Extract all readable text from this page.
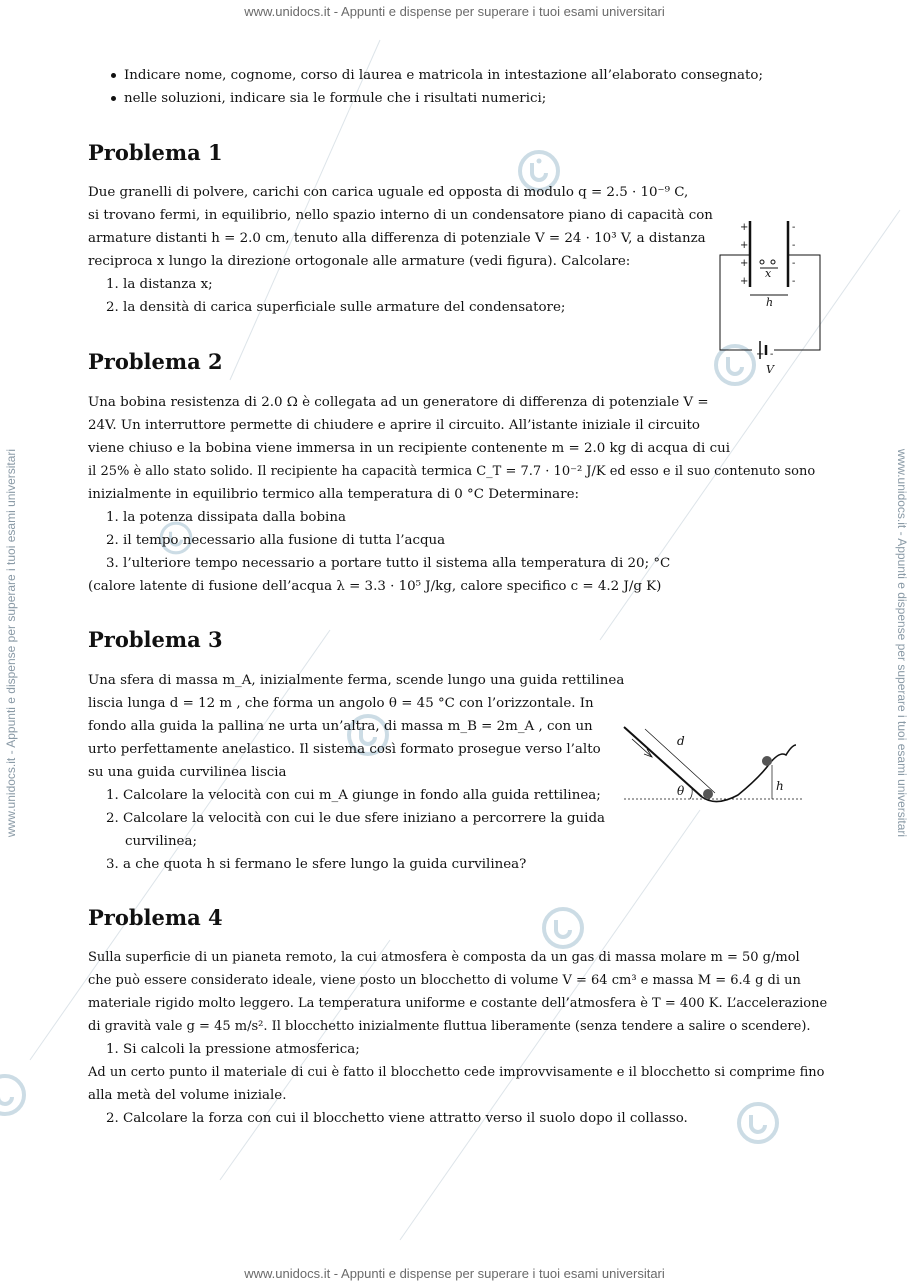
www.unidocs.it - Appunti e dispense per superare i tuoi esami universitari
www.unidocs.it - Appunti e dispense per superare i tuoi esami universitari
www.unidocs.it - Appunti e dispense per superare i tuoi esami universitari	www.unidocs.it - Appunti e dispense per superare i tuoi esami universitari
Indicare nome, cognome, corso di laurea e matricola in intestazione all’elaborato consegnato;
nelle soluzioni, indicare sia le formule che i risultati numerici;
Problema 1
Due granelli di polvere, carichi con carica uguale ed opposta di modulo q = 2.5 · 10⁻⁹ C,
si trovano fermi, in equilibrio, nello spazio interno di un condensatore piano di capacità con
armature distanti h = 2.0 cm, tenuto alla differenza di potenziale V = 24 · 10³ V, a distanza
reciproca x lungo la direzione ortogonale alle armature (vedi figura). Calcolare:
1. la distanza x;
2. la densità di carica superficiale sulle armature del condensatore;
+
+
+
+
-
-
-
-
+ -
x
h
V
Problema 2
Una bobina resistenza di 2.0 Ω è collegata ad un generatore di differenza di potenziale V =
24V. Un interruttore permette di chiudere e aprire il circuito. All’istante iniziale il circuito
viene chiuso e la bobina viene immersa in un recipiente contenente m = 2.0 kg di acqua di cui
il 25% è allo stato solido. Il recipiente ha capacità termica C_T = 7.7 · 10⁻² J/K ed esso e il suo contenuto sono
inizialmente in equilibrio termico alla temperatura di 0 °C Determinare:
1. la potenza dissipata dalla bobina
2. il tempo necessario alla fusione di tutta l’acqua
3. l’ulteriore tempo necessario a portare tutto il sistema alla temperatura di 20; °C
(calore latente di fusione dell’acqua λ = 3.3 · 10⁵ J/kg, calore specifico c = 4.2 J/g K)
Problema 3
Una sfera di massa m_A, inizialmente ferma, scende lungo una guida rettilinea
liscia lunga d = 12 m , che forma un angolo θ = 45 °C con l’orizzontale. In
fondo alla guida la pallina ne urta un’altra, di massa m_B = 2m_A , con un
urto perfettamente anelastico. Il sistema così formato prosegue verso l’alto
su una guida curvilinea liscia
1. Calcolare la velocità con cui m_A giunge in fondo alla guida rettilinea;
2. Calcolare la velocità con cui le due sfere iniziano a percorrere la guida
curvilinea;
3. a che quota h si fermano le sfere lungo la guida curvilinea?
d
θ	h
Problema 4
Sulla superficie di un pianeta remoto, la cui atmosfera è composta da un gas di massa molare m = 50 g/mol
che può essere considerato ideale, viene posto un blocchetto di volume V = 64 cm³ e massa M = 6.4 g di un
materiale rigido molto leggero. La temperatura uniforme e costante dell’atmosfera è T = 400 K. L’accelerazione
di gravità vale g = 45 m/s². Il blocchetto inizialmente fluttua liberamente (senza tendere a salire o scendere).
1. Si calcoli la pressione atmosferica;
Ad un certo punto il materiale di cui è fatto il blocchetto cede improvvisamente e il blocchetto si comprime fino
alla metà del volume iniziale.
2. Calcolare la forza con cui il blocchetto viene attratto verso il suolo dopo il collasso.
